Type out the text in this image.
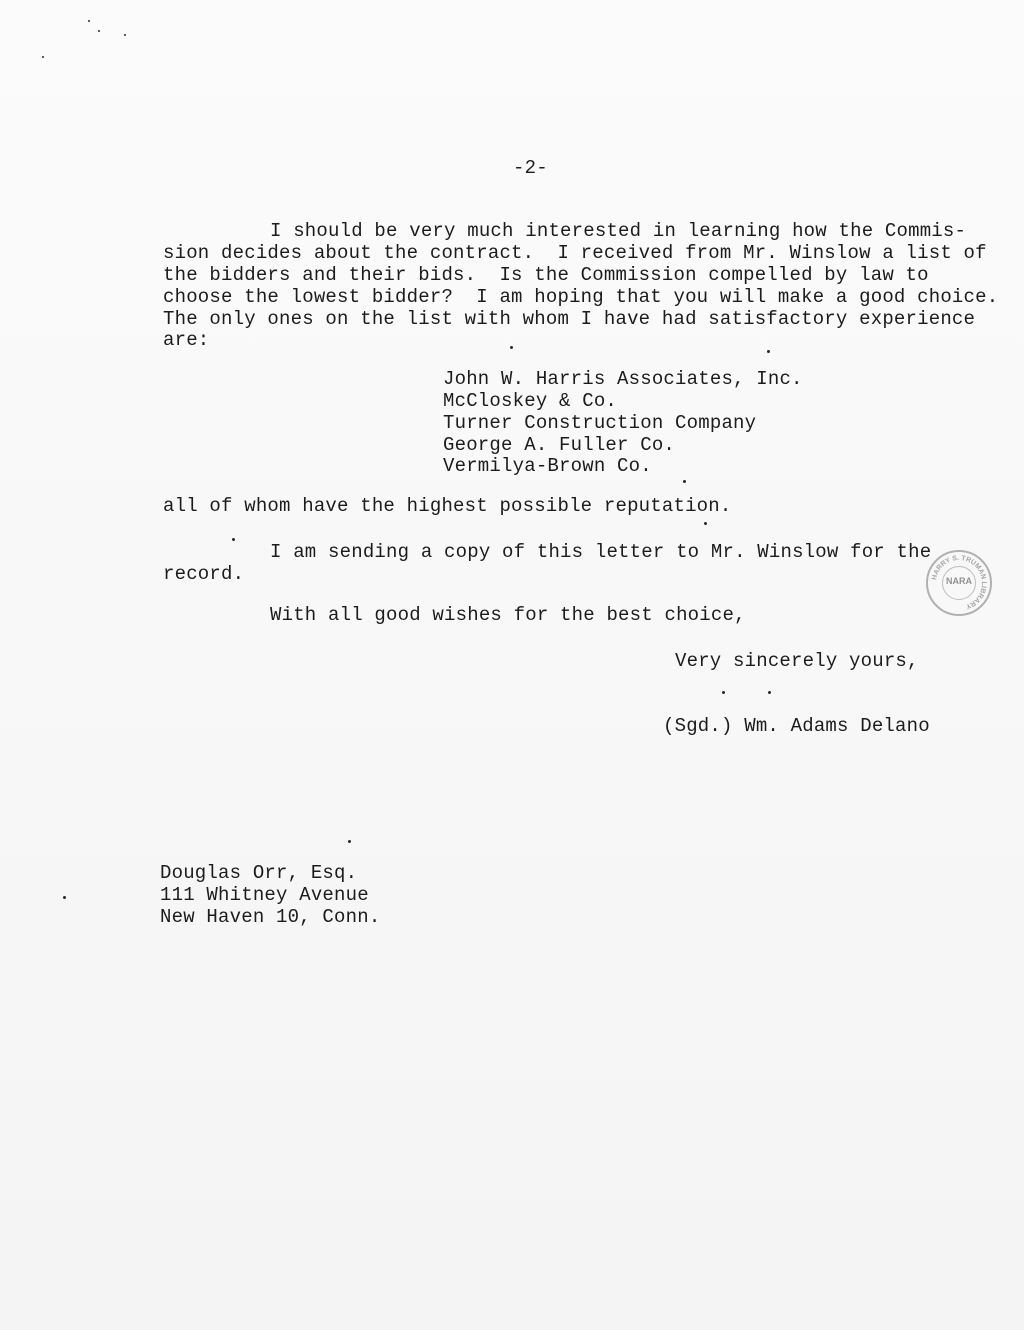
-2-
I should be very much interested in learning how the Commis-
sion decides about the contract.  I received from Mr. Winslow a list of
the bidders and their bids.  Is the Commission compelled by law to
choose the lowest bidder?  I am hoping that you will make a good choice.
The only ones on the list with whom I have had satisfactory experience
are:
John W. Harris Associates, Inc.
McCloskey & Co.
Turner Construction Company
George A. Fuller Co.
Vermilya-Brown Co.
all of whom have the highest possible reputation.
I am sending a copy of this letter to Mr. Winslow for the
record.
With all good wishes for the best choice,
Very sincerely yours,
(Sgd.) Wm. Adams Delano
Douglas Orr, Esq.
111 Whitney Avenue
New Haven 10, Conn.
HARRY S. TRUMAN LIBRARY
NARA
